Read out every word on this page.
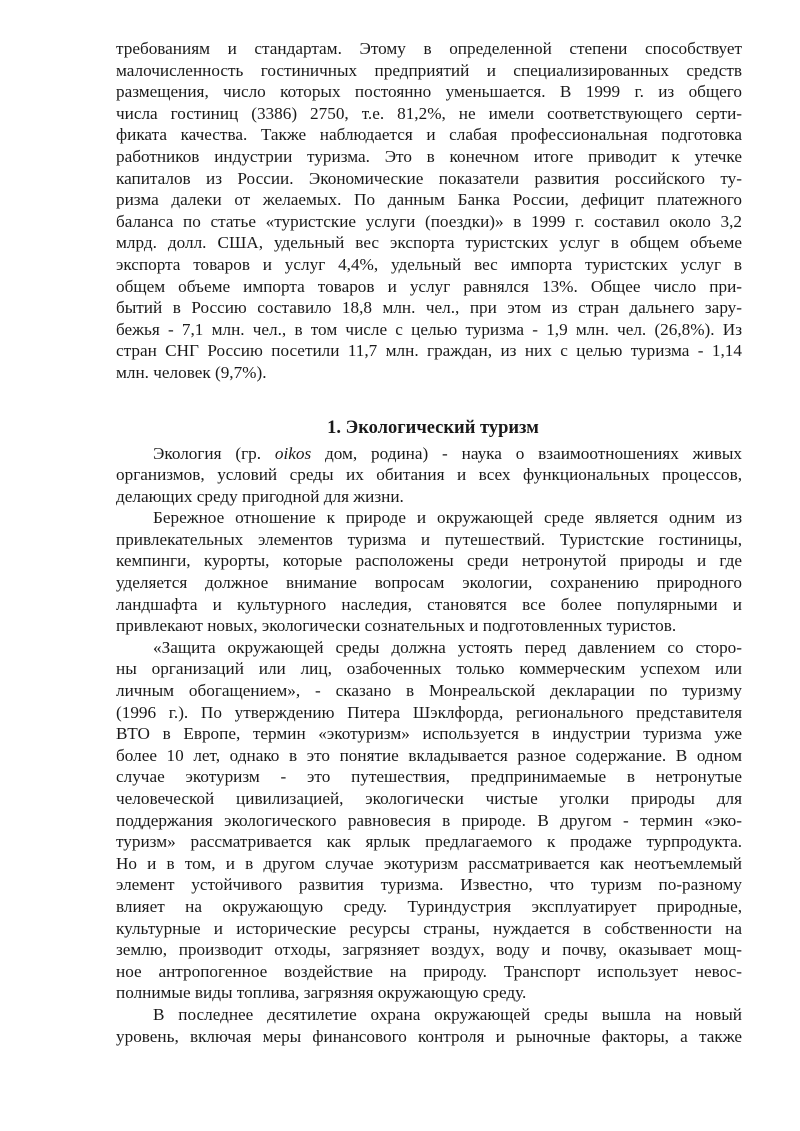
требованиям и стандартам. Этому в определенной степени способствует
малочисленность гостиничных предприятий и специализированных средств
размещения, число которых постоянно уменьшается. В 1999 г. из общего
числа гостиниц (3386) 2750, т.е. 81,2%, не имели соответствующего серти-
фиката качества. Также наблюдается и слабая профессиональная подготовка
работников индустрии туризма. Это в конечном итоге приводит к утечке
капиталов из России. Экономические показатели развития российского ту-
ризма далеки от желаемых. По данным Банка России, дефицит платежного
баланса по статье «туристские услуги (поездки)» в 1999 г. составил около 3,2
млрд. долл. США, удельный вес экспорта туристских услуг в общем объеме
экспорта товаров и услуг 4,4%, удельный вес импорта туристских услуг в
общем объеме импорта товаров и услуг равнялся 13%. Общее число при-
бытий в Россию составило 18,8 млн. чел., при этом из стран дальнего зару-
бежья - 7,1 млн. чел., в том числе с целью туризма - 1,9 млн. чел. (26,8%). Из
стран СНГ Россию посетили 11,7 млн. граждан, из них с целью туризма - 1,14
млн. человек (9,7%).
1. Экологический туризм
Экология (гр. oikos дом, родина) - наука о взаимоотношениях живых
организмов, условий среды их обитания и всех функциональных процессов,
делающих среду пригодной для жизни.
Бережное отношение к природе и окружающей среде является одним из
привлекательных элементов туризма и путешествий. Туристские гостиницы,
кемпинги, курорты, которые расположены среди нетронутой природы и где
уделяется должное внимание вопросам экологии, сохранению природного
ландшафта и культурного наследия, становятся все более популярными и
привлекают новых, экологически сознательных и подготовленных туристов.
«Защита окружающей среды должна устоять перед давлением со сторо-
ны организаций или лиц, озабоченных только коммерческим успехом или
личным обогащением», - сказано в Монреальской декларации по туризму
(1996 г.). По утверждению Питера Шэклфорда, регионального представителя
ВТО в Европе, термин «экотуризм» используется в индустрии туризма уже
более 10 лет, однако в это понятие вкладывается разное содержание. В одном
случае экотуризм - это путешествия, предпринимаемые в нетронутые
человеческой цивилизацией, экологически чистые уголки природы для
поддержания экологического равновесия в природе. В другом - термин «эко-
туризм» рассматривается как ярлык предлагаемого к продаже турпродукта.
Но и в том, и в другом случае экотуризм рассматривается как неотъемлемый
элемент устойчивого развития туризма. Известно, что туризм по-разному
влияет на окружающую среду. Туриндустрия эксплуатирует природные,
культурные и исторические ресурсы страны, нуждается в собственности на
землю, производит отходы, загрязняет воздух, воду и почву, оказывает мощ-
ное антропогенное воздействие на природу. Транспорт использует невос-
полнимые виды топлива, загрязняя окружающую среду.
В последнее десятилетие охрана окружающей среды вышла на новый
уровень, включая меры финансового контроля и рыночные факторы, а также
